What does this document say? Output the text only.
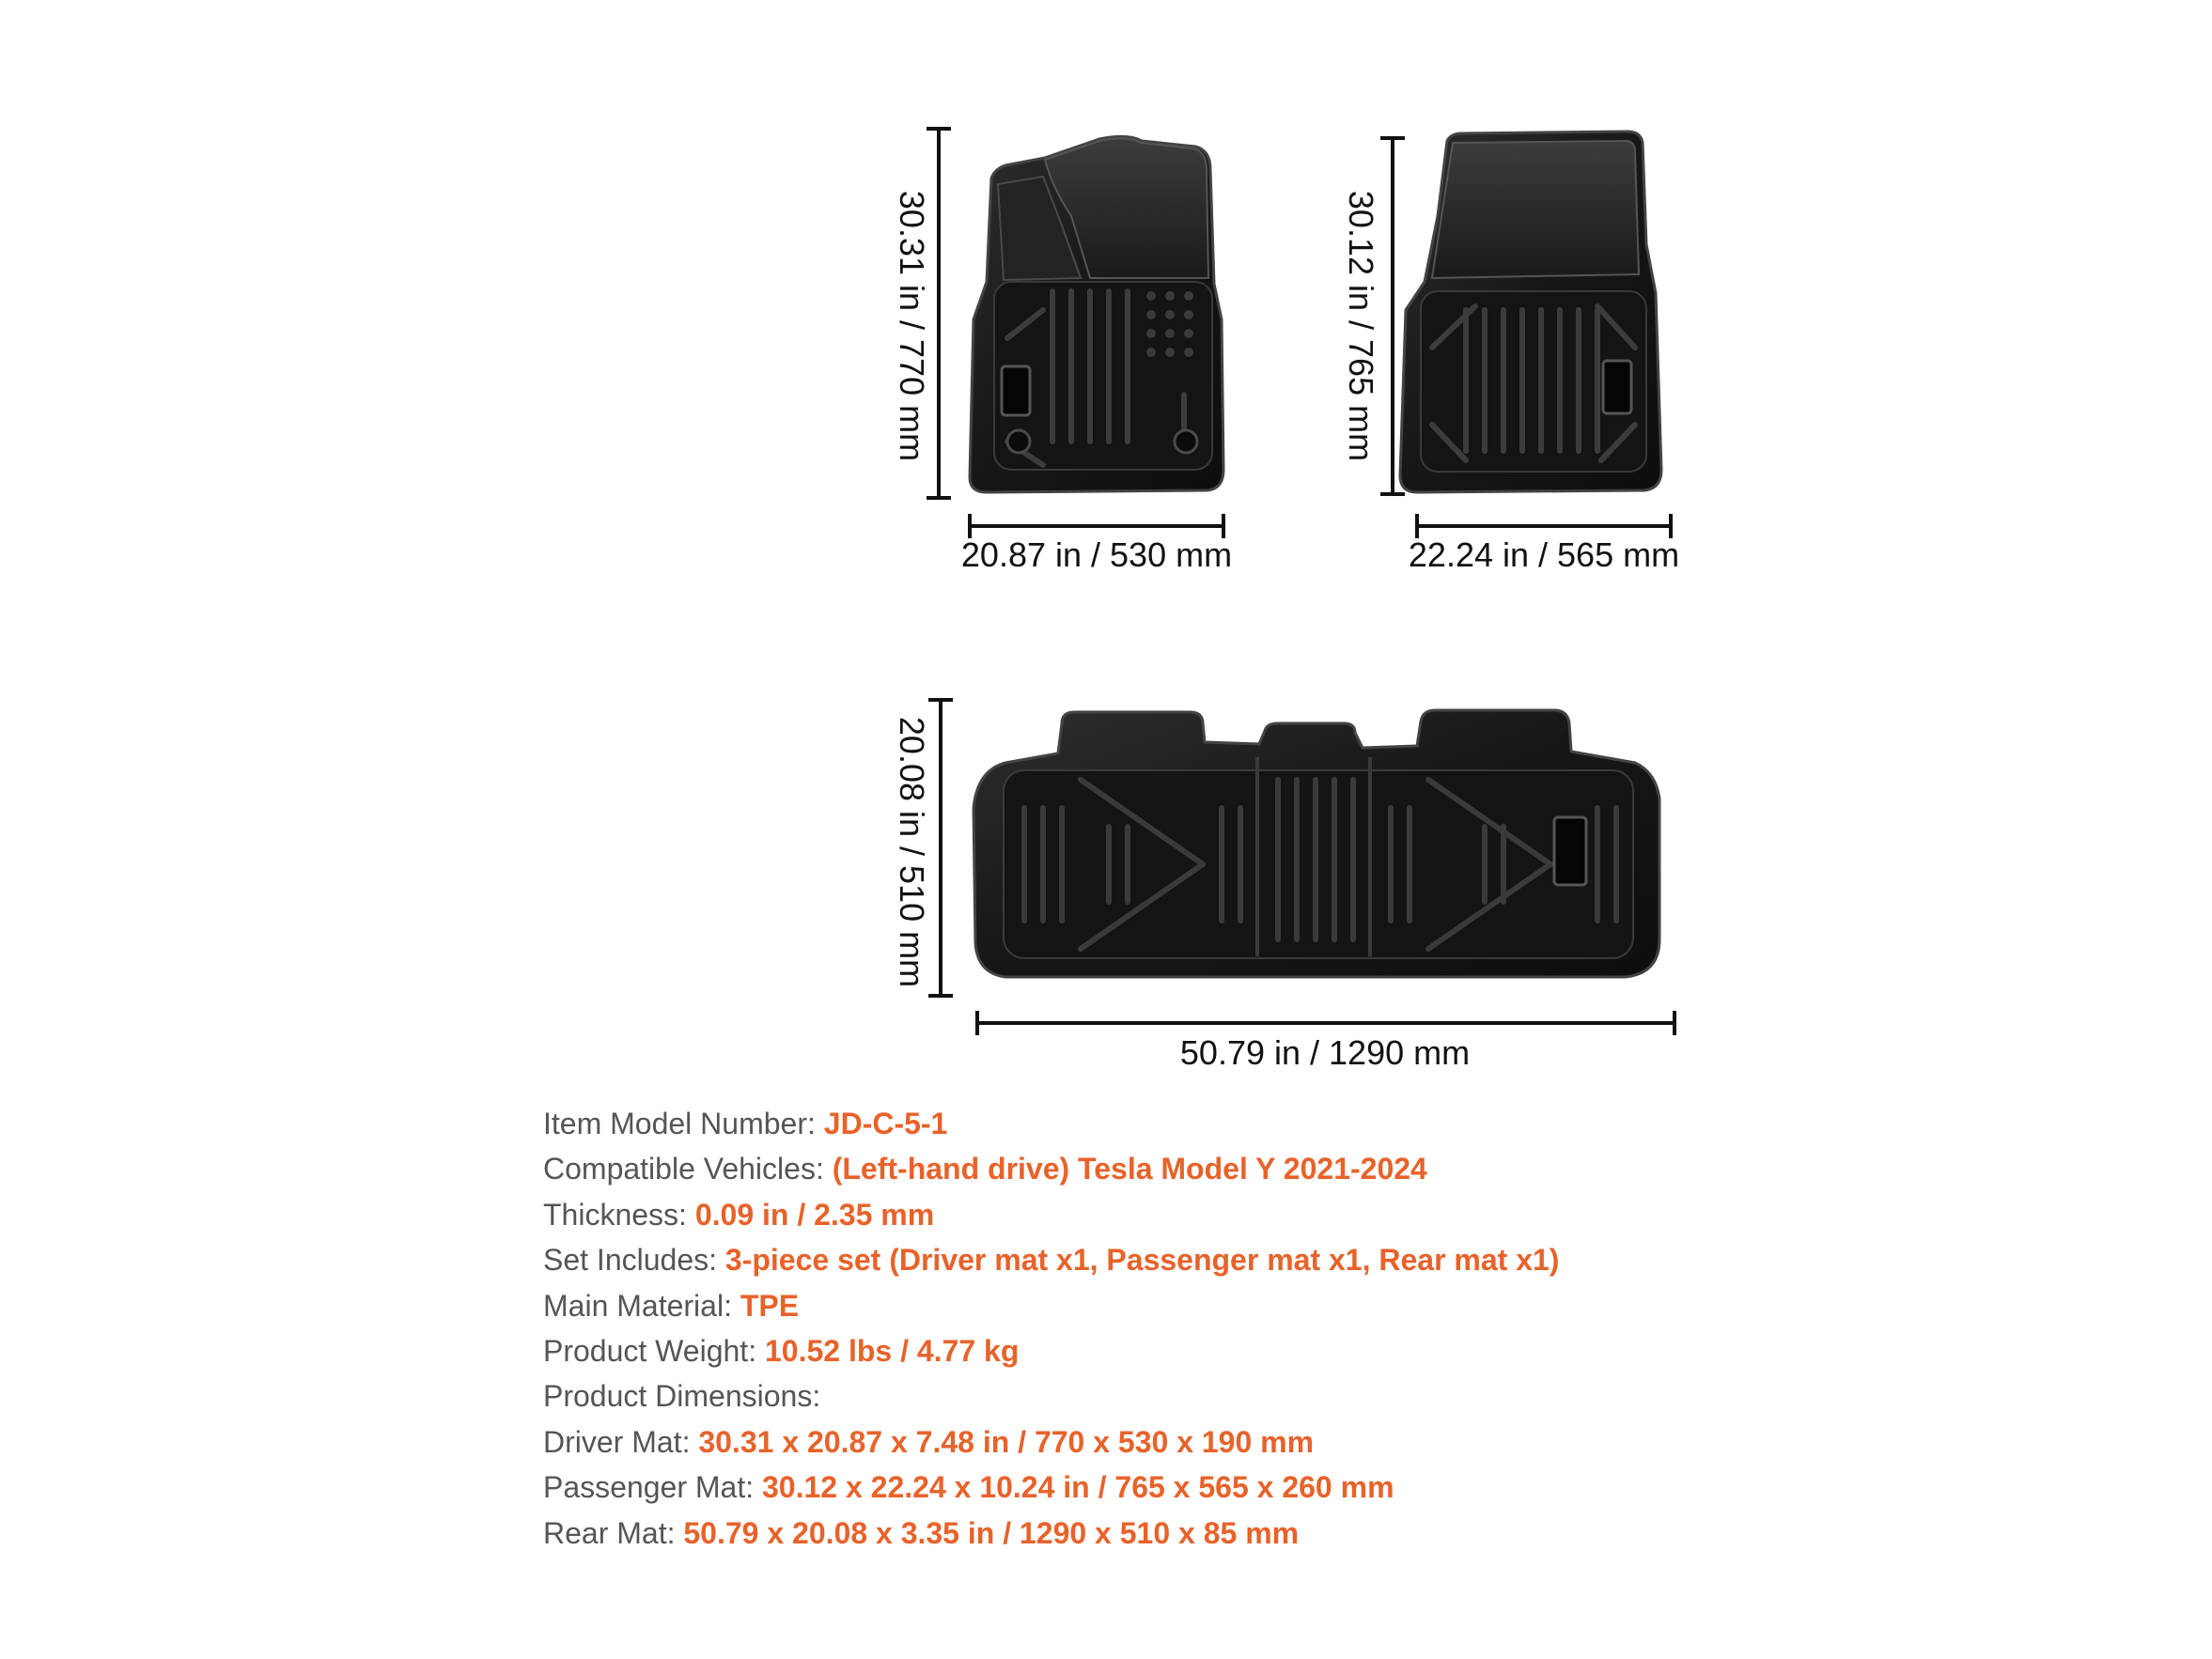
30.31 in / 770 mm
20.87 in / 530 mm
30.12 in / 765 mm
22.24 in / 565 mm
20.08 in / 510 mm
50.79 in / 1290 mm
Item Model Number: JD-C-5-1
Compatible Vehicles: (Left-hand drive) Tesla Model Y 2021-2024
Thickness: 0.09 in / 2.35 mm
Set Includes: 3-piece set (Driver mat x1, Passenger mat x1, Rear mat x1)
Main Material: TPE
Product Weight: 10.52 lbs / 4.77 kg
Product Dimensions:
Driver Mat: 30.31 x 20.87 x 7.48 in / 770 x 530 x 190 mm
Passenger Mat: 30.12 x 22.24 x 10.24 in / 765 x 565 x 260 mm
Rear Mat: 50.79 x 20.08 x 3.35 in / 1290 x 510 x 85 mm
